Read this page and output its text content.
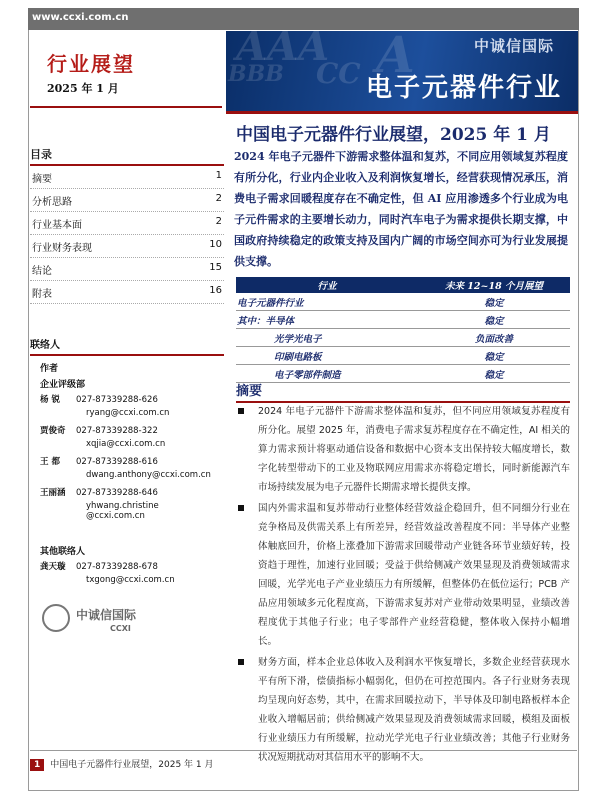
www.ccxi.com.cn
行业展望
2025 年 1 月
AAA
BBB CC A	中诚信国际
电子元器件行业
中国电子元器件行业展望，2025 年 1 月
2024 年电子元器件下游需求整体温和复苏，不同应用领域复苏程度有所分化，行业内企业收入及利润恢复增长，经营获现情况承压，消费电子需求回暖程度存在不确定性，但 AI 应用渗透多个行业成为电子元件需求的主要增长动力，同时汽车电子为需求提供长期支撑，中国政府持续稳定的政策支持及国内广阔的市场空间亦可为行业发展提供支撑。
目录
摘要	1
分析思路	2
行业基本面	2
行业财务表现	10
结论	15
附表	16
联络人
作者
企业评级部
杨 锐 027-87339288-626
ryang@ccxi.com.cn
贾俊奇 027-87339288-322
xqjia@ccxi.com.cn
王 都 027-87339288-616
dwang.anthony@ccxi.com.cn
王丽涵 027-87339288-646
yhwang.christine @ccxi.com.cn
其他联络人
龚天璇 027-87339288-678
txgong@ccxi.com.cn
中诚信国际
CCXI
行业	未来 12~18 个月展望
电子元器件行业	稳定
其中：半导体	稳定
光学光电子	负面改善
印刷电路板	稳定
电子零部件制造	稳定
摘要
2024 年电子元器件下游需求整体温和复苏，但不同应用领域复苏程度有所分化。展望 2025 年，消费电子需求复苏程度存在不确定性，AI 相关的算力需求预计将驱动通信设备和数据中心资本支出保持较大幅度增长，数字化转型带动下的工业及物联网应用需求亦将稳定增长，同时新能源汽车市场持续发展为电子元器件长期需求增长提供支撑。
国内外需求温和复苏带动行业整体经营效益企稳回升，但不同细分行业在竞争格局及供需关系上有所差异，经营效益改善程度不同：半导体产业整体触底回升，价格上涨叠加下游需求回暖带动产业链各环节业绩好转，投资趋于理性，加速行业回暖；受益于供给侧减产效果显现及消费领域需求回暖，光学光电子产业业绩压力有所缓解，但整体仍在低位运行；PCB 产品应用领域多元化程度高，下游需求复苏对产业带动效果明显，业绩改善程度优于其他子行业；电子零部件产业经营稳健，整体收入保持小幅增长。
财务方面，样本企业总体收入及利润水平恢复增长，多数企业经营获现水平有所下滑，偿债指标小幅弱化，但仍在可控范围内。各子行业财务表现均呈现向好态势，其中，在需求回暖拉动下，半导体及印制电路板样本企业收入增幅居前；供给侧减产效果显现及消费领域需求回暖，模组及面板行业业绩压力有所缓解，拉动光学光电子行业业绩改善；其他子行业财务状况短期扰动对其信用水平的影响不大。
1 中国电子元器件行业展望，2025 年 1 月
